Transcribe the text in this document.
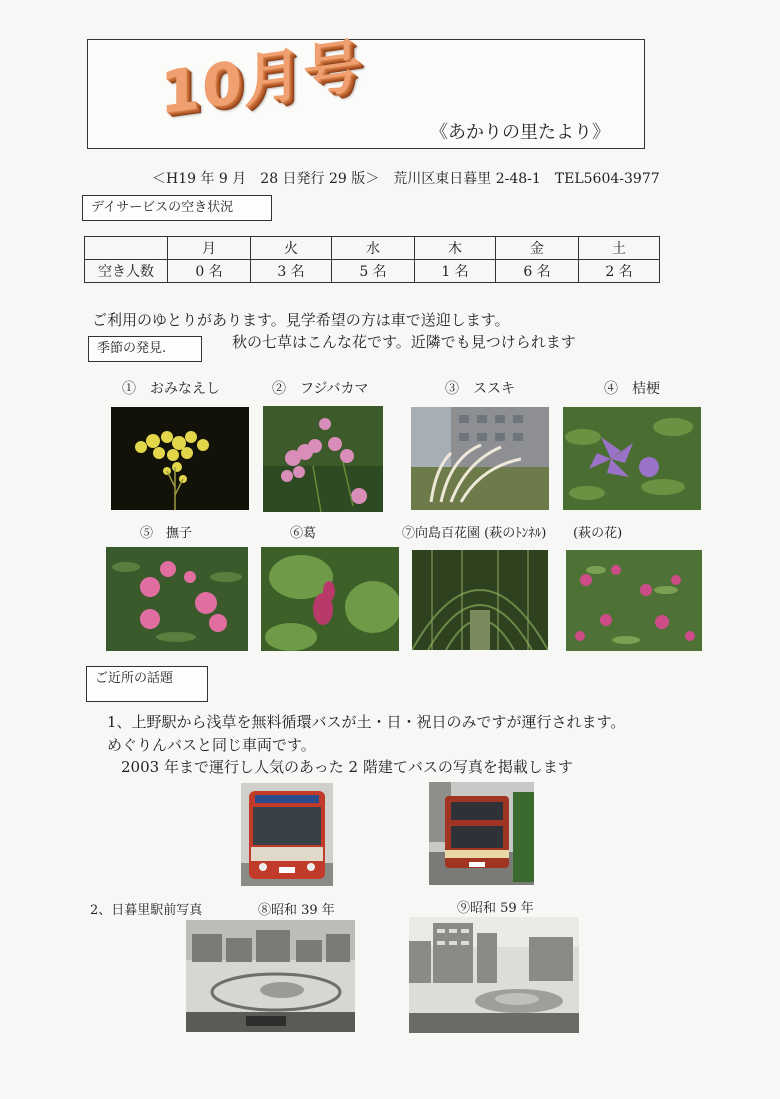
10月号
《あかりの里たより》
＜H19 年 9 月　28 日発行 29 版＞　荒川区東日暮里 2-48-1　TEL5604-3977
デイサービスの空き状況
	月	火	水	木	金	土
空き人数	0 名	3 名	5 名	1 名	6 名	2 名
ご利用のゆとりがあります。見学希望の方は車で送迎します。
季節の発見.	秋の七草はこんな花です。近隣でも見つけられます
①　 おみなえし	②　 フジバカマ	③　 ススキ	④　 桔梗
⑤　撫子	⑥葛	⑦向島百花園 (萩のﾄﾝﾈﾙ) (萩の花)
ご近所の話題
1、上野駅から浅草を無料循環バスが土・日・祝日のみですが運行されます。
めぐりんバスと同じ車両です。
2003 年まで運行し人気のあった 2 階建てバスの写真を掲載します
2、日暮里駅前写真	⑧昭和 39 年	⑨昭和 59 年
